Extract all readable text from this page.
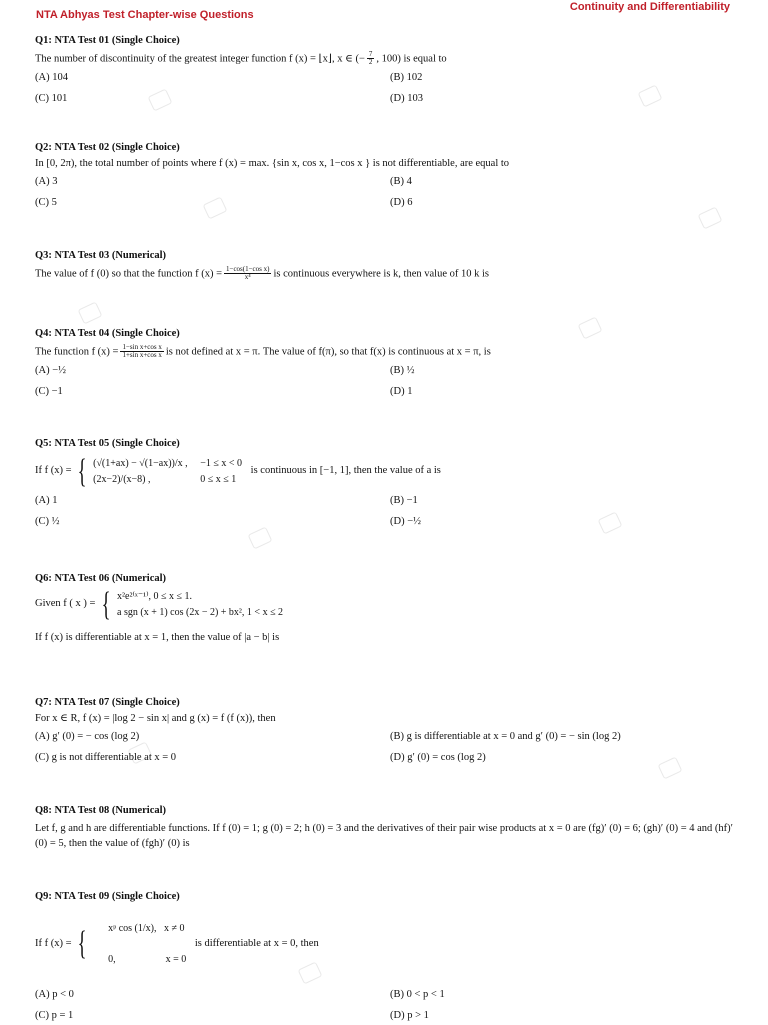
NTA Abhyas Test Chapter-wise Questions
Continuity and Differentiability
Q1: NTA Test 01 (Single Choice)
The number of discontinuity of the greatest integer function f (x) = ⌊x⌋, x ∈ (− $\frac{7}{2}$ , 100) is equal to
(A) 104	(B) 102
(C) 101	(D) 103
Q2: NTA Test 02 (Single Choice)
In [0, 2π), the total number of points where f (x) = max. {sin x, cos x, 1−cos x } is not differentiable, are equal to
(A) 3	(B) 4
(C) 5	(D) 6
Q3: NTA Test 03 (Numerical)
The value of f (0) so that the function f $(x) = \frac{\text{1−cos(1−cos x)}}{\text{x⁴}}$ is continuous everywhere is k, then value of 10 k is
Q4: NTA Test 04 (Single Choice)
The function f $(x) = \frac{\text{1−sin x+cos x}}{\text{1+sin x+cos x}}$ is not defined at x = π. The value of f(π), so that f(x) is continuous at x = π, is
(A) −½	(B) ½
(C) −1	(D) 1
Q5: NTA Test 05 (Single Choice)
If f (x) = { (√(1+ax) − √(1−ax))/x ,
(2x−2)/(x−8) , −1 ≤ x < 0
0 ≤ x ≤ 1 is continuous in [−1, 1], then the value of a is
(A) 1	(B) −1
(C) ½	(D) −½
Q6: NTA Test 06 (Numerical)
Given f ( x ) = { x²e²⁽ˣ⁻¹⁾, 0 ≤ x ≤ 1.
a sgn (x + 1) cos (2x − 2) + bx², 1 < x ≤ 2
If f (x) is differentiable at x = 1, then the value of |a − b| is
Q7: NTA Test 07 (Single Choice)
For x ∈ R, f (x) = |log 2 − sin x| and g (x) = f (f (x)), then
(A) g′ (0) = − cos (log 2)	(B) g is differentiable at x = 0 and g′ (0) = − sin (log 2)
(C) g is not differentiable at x = 0	(D) g′ (0) = cos (log 2)
Q8: NTA Test 08 (Numerical)
Let f, g and h are differentiable functions. If f (0) = 1; g (0) = 2; h (0) = 3 and the derivatives of their pair wise products at x = 0 are (fg)′ (0) = 6; (gh)′ (0) = 4 and (hf)′ (0) = 5, then the value of (fgh)′ (0) is
Q9: NTA Test 09 (Single Choice)
If f (x) = { xᵖ cos (1/x),   x ≠ 0

0,                    x = 0
is differentiable at x = 0, then
(A) p < 0	(B) 0 < p < 1
(C) p = 1	(D) p > 1
